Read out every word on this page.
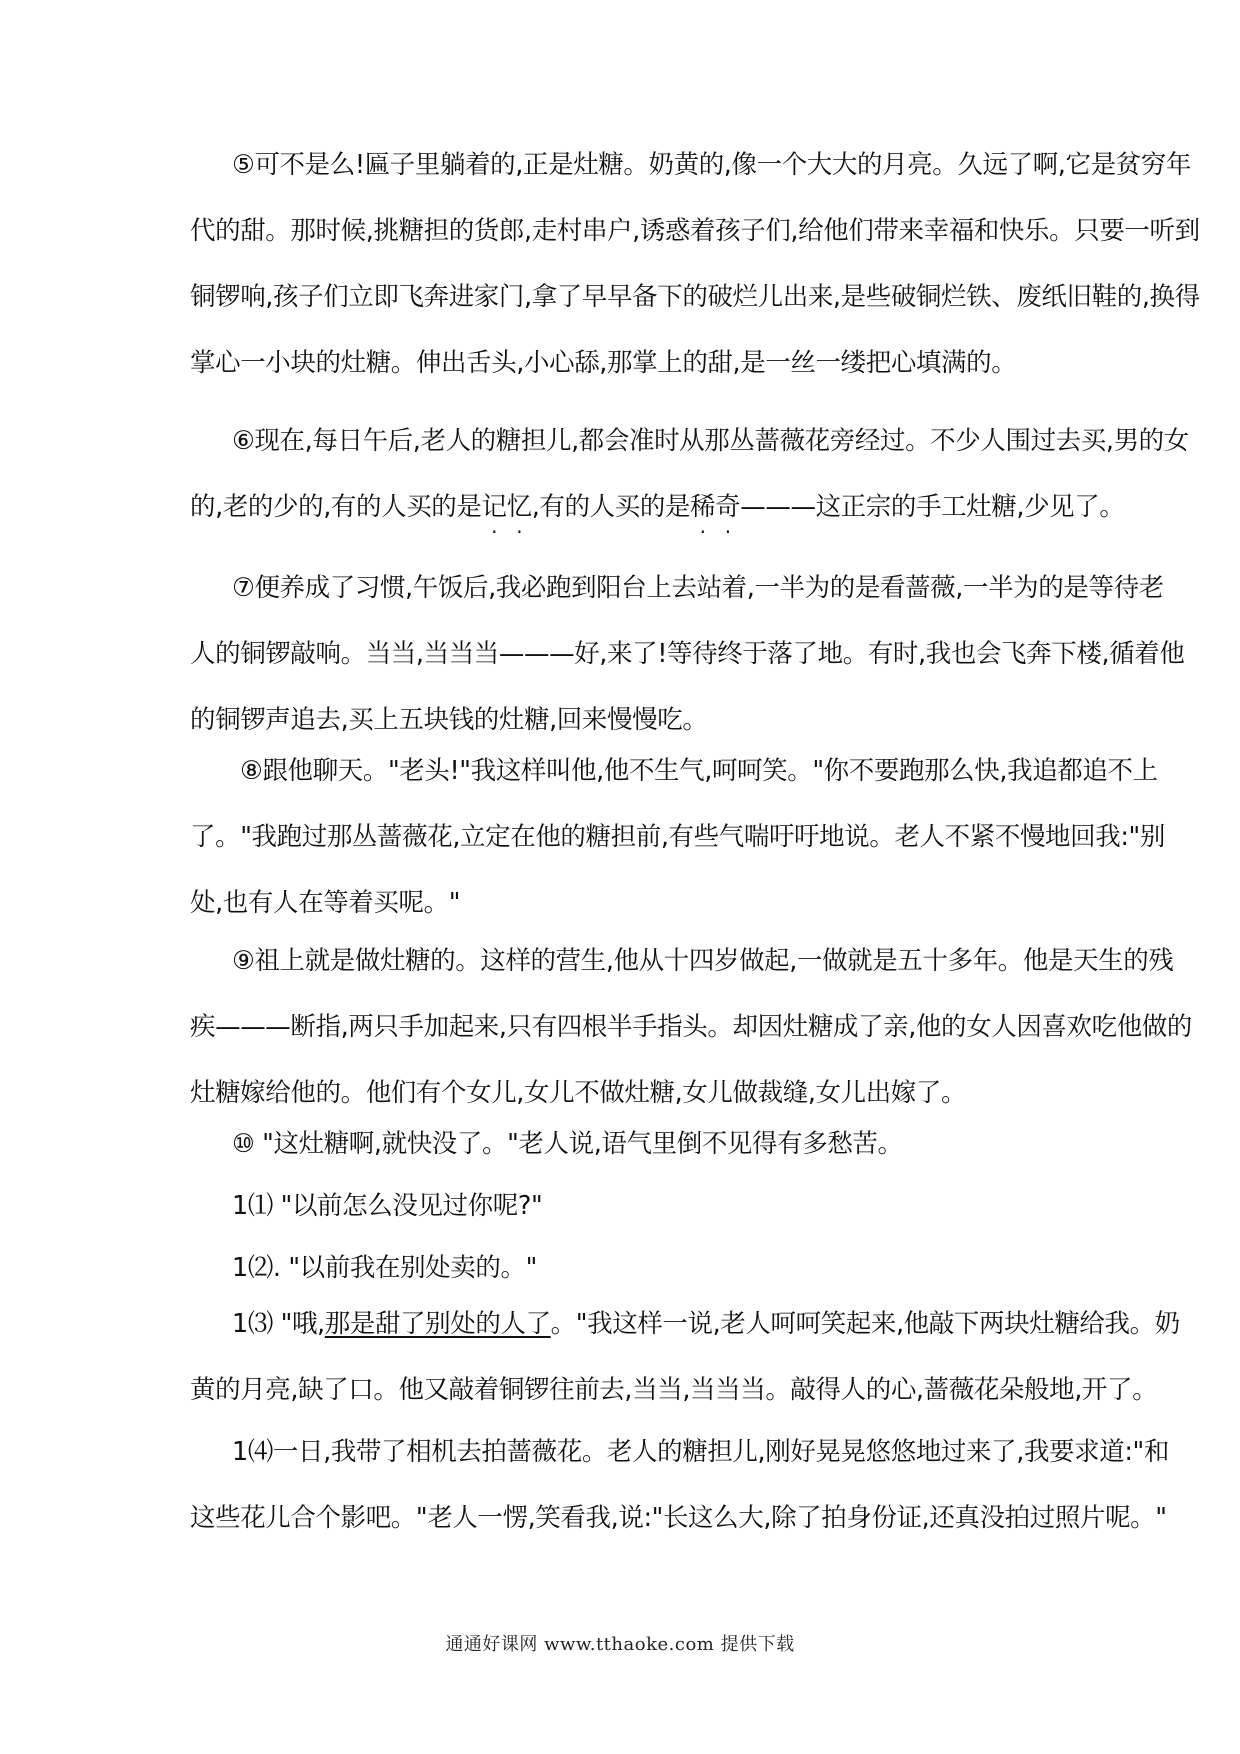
⑤可不是么!匾子里躺着的,正是灶糖。奶黄的,像一个大大的月亮。久远了啊,它是贫穷年
代的甜。那时候,挑糖担的货郎,走村串户,诱惑着孩子们,给他们带来幸福和快乐。只要一听到
铜锣响,孩子们立即飞奔进家门,拿了早早备下的破烂儿出来,是些破铜烂铁、废纸旧鞋的,换得
掌心一小块的灶糖。伸出舌头,小心舔,那掌上的甜,是一丝一缕把心填满的。

⑥现在,每日午后,老人的糖担儿,都会准时从那丛蔷薇花旁经过。不少人围过去买,男的女
的,老的少的,有的人买的是记忆,有的人买的是稀奇———这正宗的手工灶糖,少见了。

⑦便养成了习惯,午饭后,我必跑到阳台上去站着,一半为的是看蔷薇,一半为的是等待老
人的铜锣敲响。当当,当当当———好,来了!等待终于落了地。有时,我也会飞奔下楼,循着他
的铜锣声追去,买上五块钱的灶糖,回来慢慢吃。

⑧跟他聊天。"老头!"我这样叫他,他不生气,呵呵笑。"你不要跑那么快,我追都追不上
了。"我跑过那丛蔷薇花,立定在他的糖担前,有些气喘吁吁地说。老人不紧不慢地回我:"别
处,也有人在等着买呢。"

⑨祖上就是做灶糖的。这样的营生,他从十四岁做起,一做就是五十多年。他是天生的残
疾———断指,两只手加起来,只有四根半手指头。却因灶糖成了亲,他的女人因喜欢吃他做的
灶糖嫁给他的。他们有个女儿,女儿不做灶糖,女儿做裁缝,女儿出嫁了。

⑩ "这灶糖啊,就快没了。"老人说,语气里倒不见得有多愁苦。
1⑴ "以前怎么没见过你呢?"
1⑵. "以前我在别处卖的。"

1⑶ "哦,那是甜了别处的人了。"我这样一说,老人呵呵笑起来,他敲下两块灶糖给我。奶
黄的月亮,缺了口。他又敲着铜锣往前去,当当,当当当。敲得人的心,蔷薇花朵般地,开了。

1⑷一日,我带了相机去拍蔷薇花。老人的糖担儿,刚好晃晃悠悠地过来了,我要求道:"和
这些花儿合个影吧。"老人一愣,笑看我,说:"长这么大,除了拍身份证,还真没拍过照片呢。"

通通好课网 www.tthaoke.com 提供下载
